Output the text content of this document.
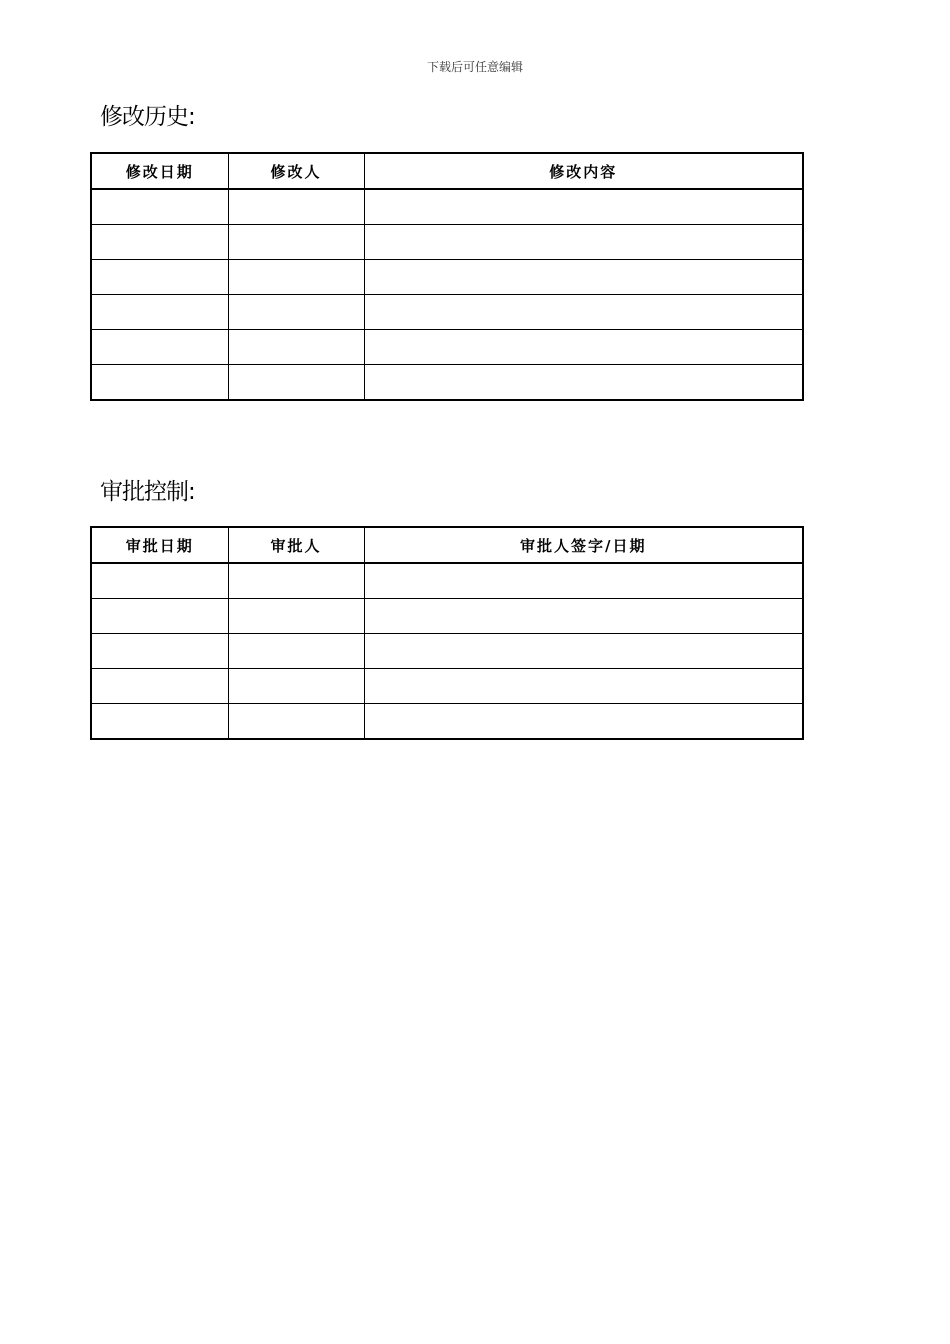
下载后可任意编辑
修改历史:
修改日期	修改人	修改内容

审批控制:
审批日期	审批人	审批人签字/日期
